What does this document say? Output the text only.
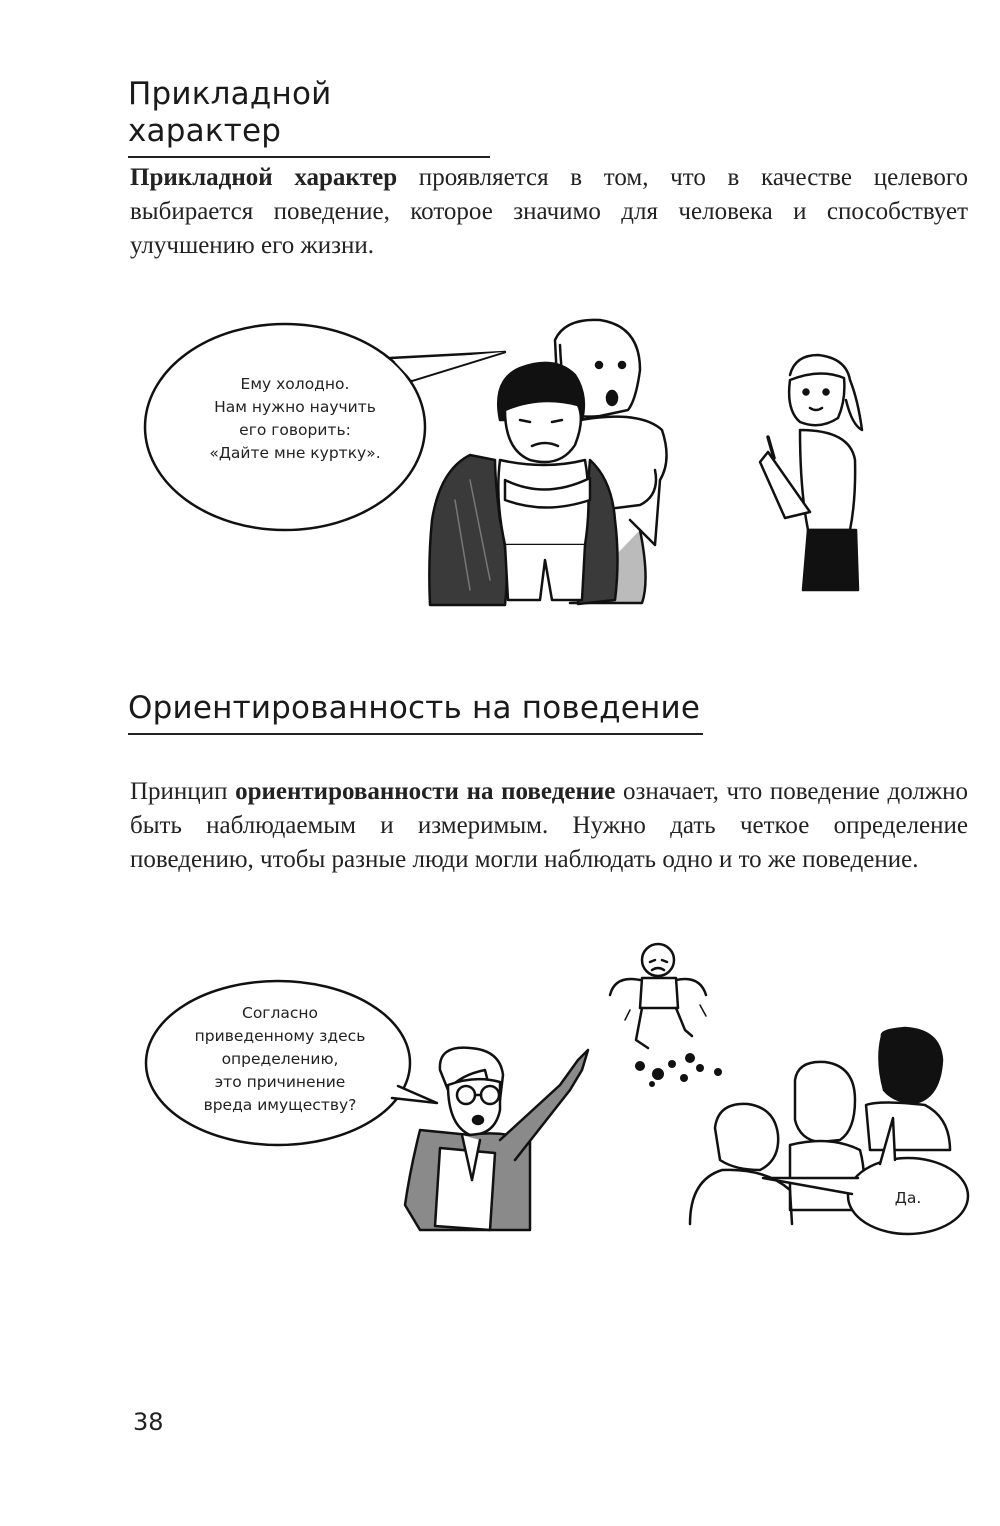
Прикладной характер

Прикладной характер проявляется в том, что в качестве целевого выбирается поведение, которое значимо для человека и способствует улучшению его жизни.

Ему холодно.
Нам нужно научить
его говорить:
«Дайте мне куртку».

Ориентированность на поведение

Принцип ориентированности на поведение означает, что поведение должно быть наблюдаемым и измеримым. Нужно дать четкое определение поведению, чтобы разные люди могли наблюдать одно и то же поведение.

Согласно
приведенному здесь
определению,
это причинение
вреда имуществу?

Да.

38
